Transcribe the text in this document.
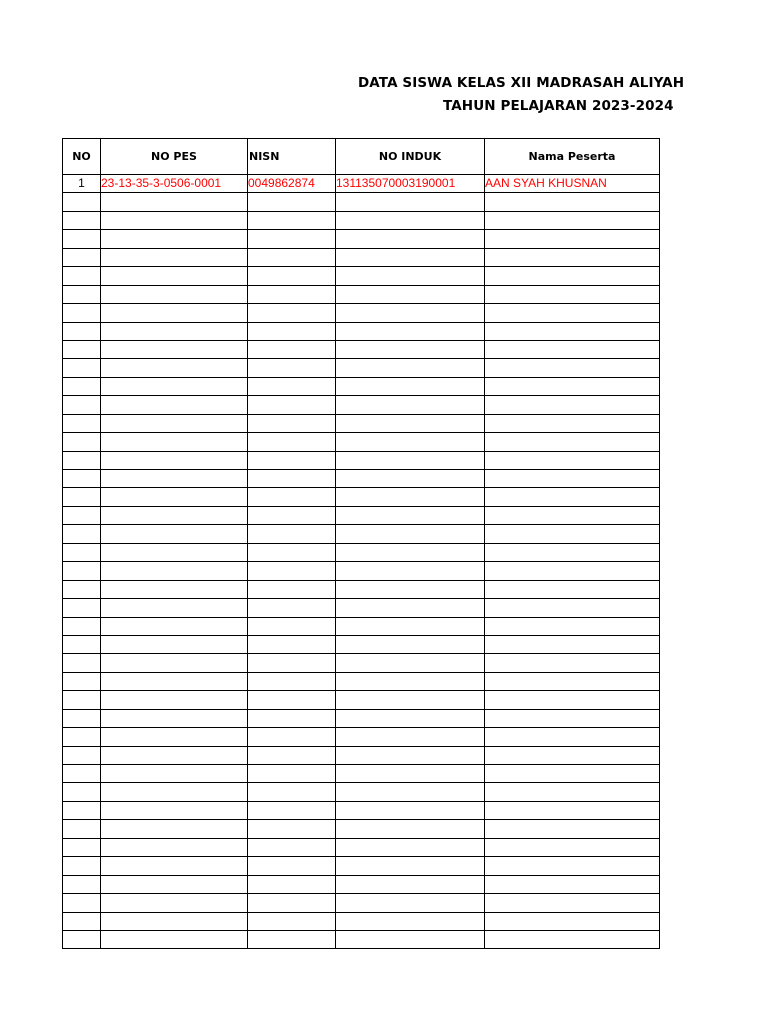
DATA SISWA KELAS XII MADRASAH ALIYAH
TAHUN PELAJARAN 2023-2024
NO	NO PES	NISN	NO INDUK	Nama Peserta
1	23-13-35-3-0506-0001	0049862874	131135070003190001	AAN SYAH KHUSNAN
